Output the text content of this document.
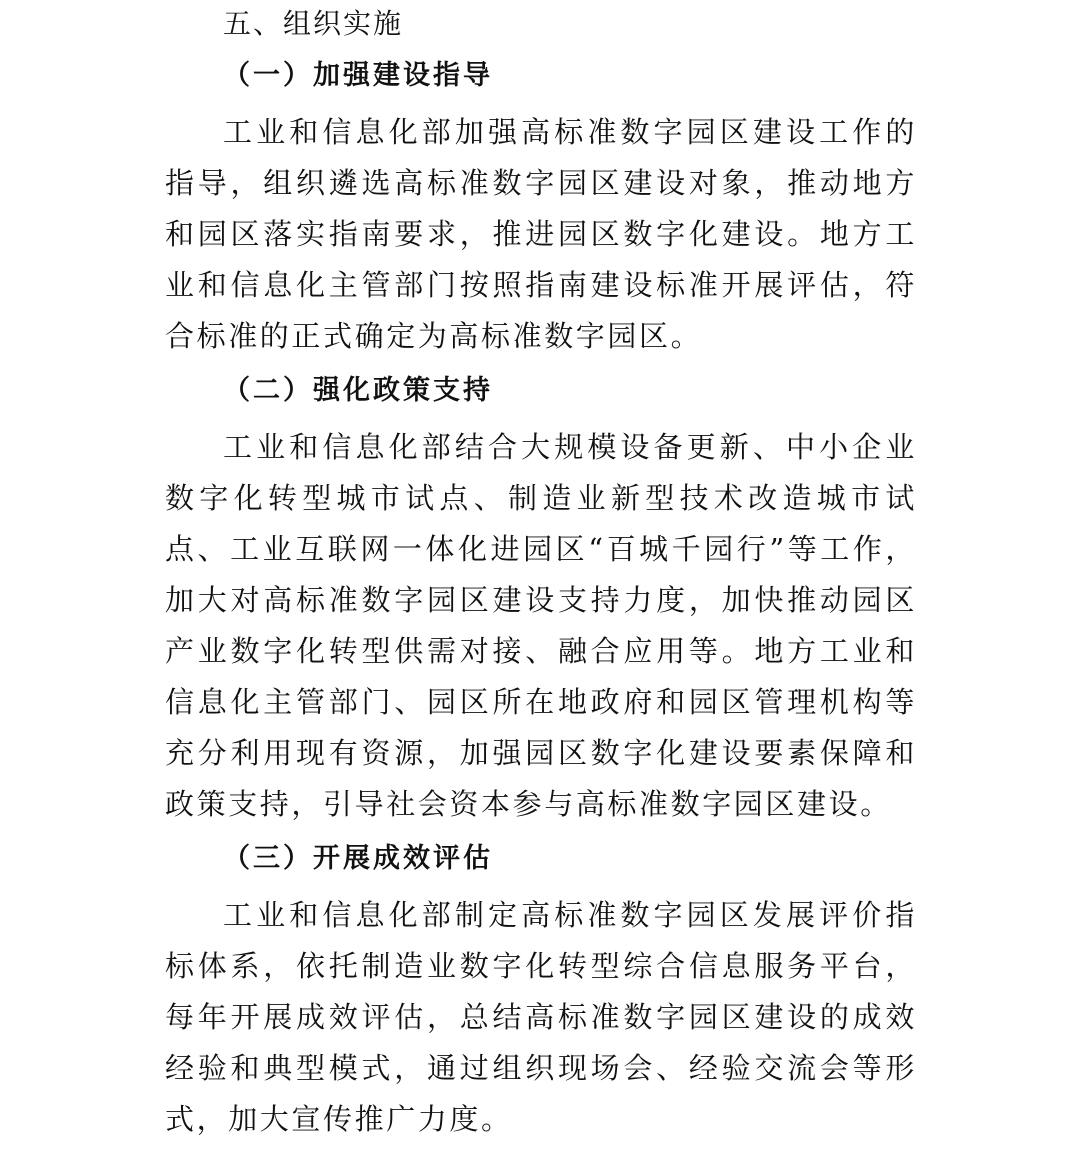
五、组织实施
（一）加强建设指导

工业和信息化部加强高标准数字园区建设工作的指导，组织遴选高标准数字园区建设对象，推动地方和园区落实指南要求，推进园区数字化建设。地方工业和信息化主管部门按照指南建设标准开展评估，符合标准的正式确定为高标准数字园区。

（二）强化政策支持

工业和信息化部结合大规模设备更新、中小企业数字化转型城市试点、制造业新型技术改造城市试点、工业互联网一体化进园区“百城千园行”等工作，加大对高标准数字园区建设支持力度，加快推动园区产业数字化转型供需对接、融合应用等。地方工业和信息化主管部门、园区所在地政府和园区管理机构等充分利用现有资源，加强园区数字化建设要素保障和政策支持，引导社会资本参与高标准数字园区建设。

（三）开展成效评估

工业和信息化部制定高标准数字园区发展评价指标体系，依托制造业数字化转型综合信息服务平台，每年开展成效评估，总结高标准数字园区建设的成效经验和典型模式，通过组织现场会、经验交流会等形式，加大宣传推广力度。
